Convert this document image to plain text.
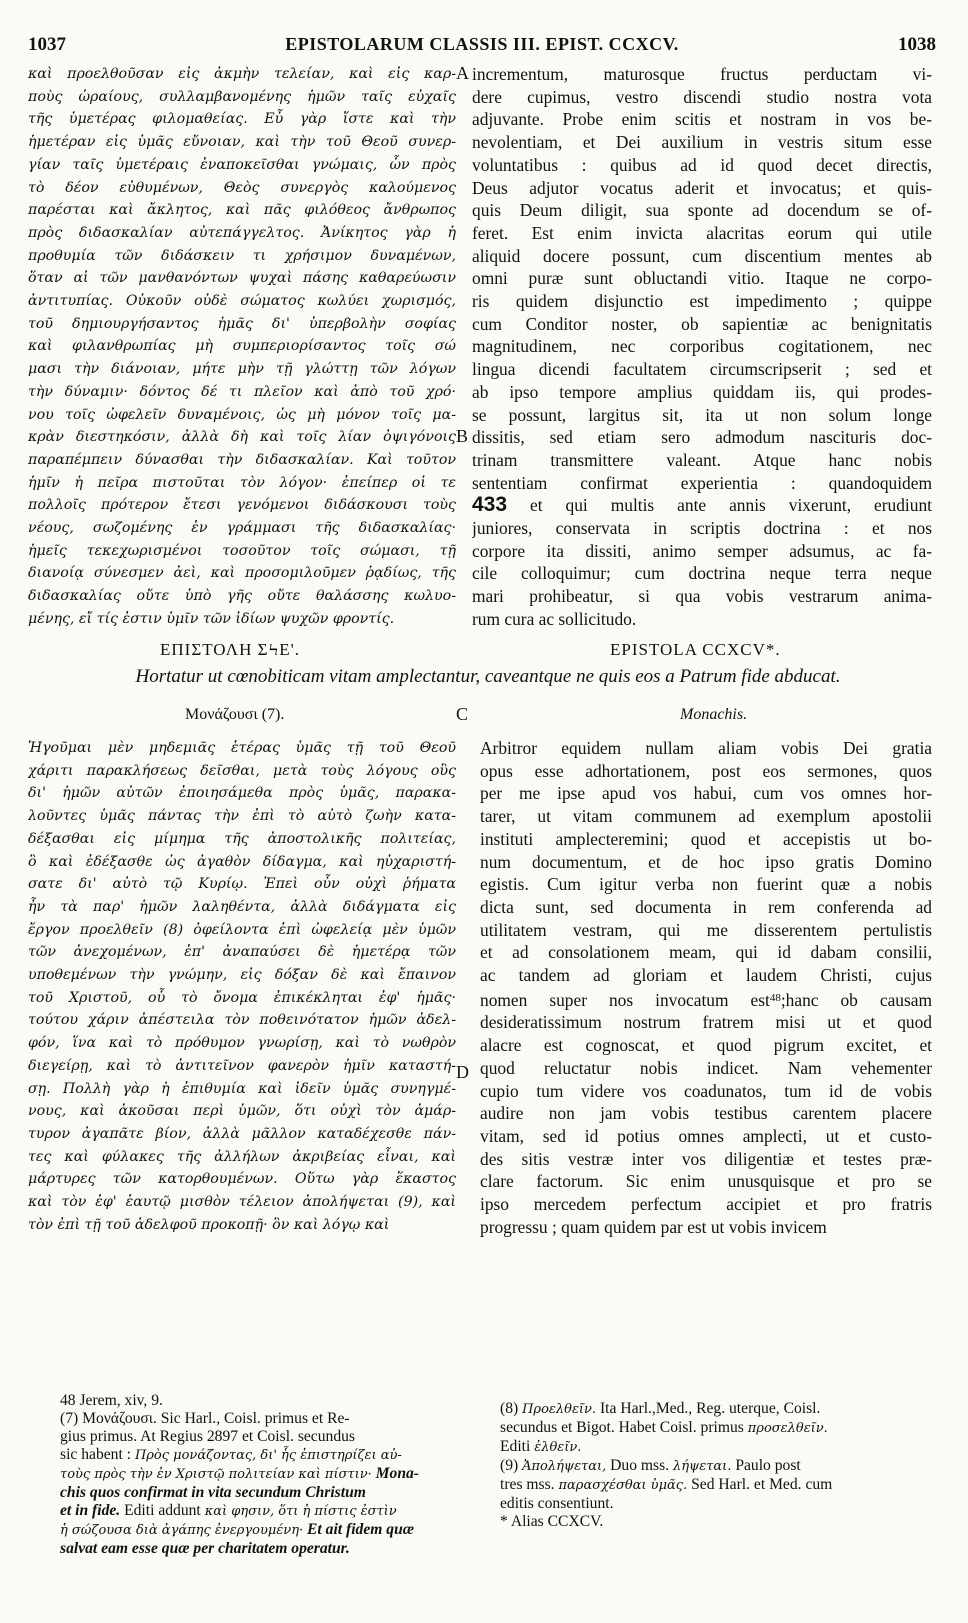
1037	EPISTOLARUM CLASSIS III. EPIST. CCXCV.	1038
A
B
C
D
καὶ προελθοῦσαν εἰς ἀκμὴν τελείαν, καὶ εἰς καρ-
ποὺς ὡραίους, συλλαμβανομένης ἡμῶν ταῖς εὐχαῖς
τῆς ὑμετέρας φιλομαθείας. Εὖ γὰρ ἴστε καὶ τὴν
ἡμετέραν εἰς ὑμᾶς εὔνοιαν, καὶ τὴν τοῦ Θεοῦ συνερ-
γίαν ταῖς ὑμετέραις ἐναποκεῖσθαι γνώμαις, ὧν πρὸς
τὸ δέον εὐθυμένων, Θεὸς συνεργὸς καλούμενος
παρέσται καὶ ἄκλητος, καὶ πᾶς φιλόθεος ἄνθρωπος
πρὸς διδασκαλίαν αὐτεπάγγελτος. Ἀνίκητος γὰρ ἡ
προθυμία τῶν διδάσκειν τι χρήσιμον δυναμένων,
ὅταν αἱ τῶν μανθανόντων ψυχαὶ πάσης καθαρεύωσιν
ἀντιτυπίας. Οὐκοῦν οὐδὲ σώματος κωλύει χωρισμός,
τοῦ δημιουργήσαντος ἡμᾶς δι' ὑπερβολὴν σοφίας
καὶ φιλανθρωπίας μὴ συμπεριορίσαντος τοῖς σώ
μασι τὴν διάνοιαν, μήτε μὴν τῇ γλώττῃ τῶν λόγων
τὴν δύναμιν· δόντος δέ τι πλεῖον καὶ ἀπὸ τοῦ χρό·
νου τοῖς ὠφελεῖν δυναμένοις, ὡς μὴ μόνον τοῖς μα-
κρὰν διεστηκόσιν, ἀλλὰ δὴ καὶ τοῖς λίαν ὀψιγόνοις
παραπέμπειν δύνασθαι τὴν διδασκαλίαν. Καὶ τοῦτον
ἡμῖν ἡ πεῖρα πιστοῦται τὸν λόγον· ἐπείπερ οἱ τε
πολλοῖς πρότερον ἔτεσι γενόμενοι διδάσκουσι τοὺς
νέους, σωζομένης ἐν γράμμασι τῆς διδασκαλίας·
ἡμεῖς τεκεχωρισμένοι τοσοῦτον τοῖς σώμασι, τῇ
διανοίᾳ σύνεσμεν ἀεὶ, καὶ προσομιλοῦμεν ῥᾳδίως, τῆς
διδασκαλίας οὔτε ὑπὸ γῆς οὔτε θαλάσσης κωλυο-
μένης, εἴ τίς ἐστιν ὑμῖν τῶν ἰδίων ψυχῶν φροντίς.
incrementum, maturosque fructus perductam vi-
dere cupimus, vestro discendi studio nostra vota
adjuvante. Probe enim scitis et nostram in vos be-
nevolentiam, et Dei auxilium in vestris situm esse
voluntatibus : quibus ad id quod decet directis,
Deus adjutor vocatus aderit et invocatus; et quis-
quis Deum diligit, sua sponte ad docendum se of-
feret. Est enim invicta alacritas eorum qui utile
aliquid docere possunt, cum discentium mentes ab
omni puræ sunt obluctandi vitio. Itaque ne corpo-
ris quidem disjunctio est impedimento ; quippe
cum Conditor noster, ob sapientiæ ac benignitatis
magnitudinem, nec corporibus cogitationem, nec
lingua dicendi facultatem circumscripserit ; sed et
ab ipso tempore amplius quiddam iis, qui prodes-
se possunt, largitus sit, ita ut non solum longe
dissitis, sed etiam sero admodum nascituris doc-
trinam transmittere valeant. Atque hanc nobis
sententiam confirmat experientia : quandoquidem
433 et qui multis ante annis vixerunt, erudiunt
juniores, conservata in scriptis doctrina : et nos
corpore ita dissiti, animo semper adsumus, ac fa-
cile colloquimur; cum doctrina neque terra neque
mari prohibeatur, si qua vobis vestrarum anima-
rum cura ac sollicitudo.
ΕΠΙΣΤΟΛΗ ΣϞΕ'.	EPISTOLA CCXCV*.
Hortatur ut cœnobiticam vitam amplectantur, caveantque ne quis eos a Patrum fide abducat.
Μονάζουσι (7).	Monachis.
Ἡγοῦμαι μὲν μηδεμιᾶς ἑτέρας ὑμᾶς τῇ τοῦ Θεοῦ
χάριτι παρακλήσεως δεῖσθαι, μετὰ τοὺς λόγους οὓς
δι' ἡμῶν αὐτῶν ἐποιησάμεθα πρὸς ὑμᾶς, παρακα-
λοῦντες ὑμᾶς πάντας τὴν ἐπὶ τὸ αὐτὸ ζωὴν κατα-
δέξασθαι εἰς μίμημα τῆς ἀποστολικῆς πολιτείας,
ὃ καὶ ἐδέξασθε ὡς ἀγαθὸν δίδαγμα, καὶ ηὐχαριστή-
σατε δι' αὐτὸ τῷ Κυρίῳ. Ἐπεὶ οὖν οὐχὶ ῥήματα
ἦν τὰ παρ' ἡμῶν λαληθέντα, ἀλλὰ διδάγματα εἰς
ἔργον προελθεῖν (8) ὀφείλοντα ἐπὶ ὠφελείᾳ μὲν ὑμῶν
τῶν ἀνεχομένων, ἐπ' ἀναπαύσει δὲ ἡμετέρᾳ τῶν
υποθεμένων τὴν γνώμην, εἰς δόξαν δὲ καὶ ἔπαινον
τοῦ Χριστοῦ, οὗ τὸ ὄνομα ἐπικέκληται ἐφ' ἡμᾶς·
τούτου χάριν ἀπέστειλα τὸν ποθεινότατον ἡμῶν ἀδελ-
φόν, ἵνα καὶ τὸ πρόθυμον γνωρίσῃ, καὶ τὸ νωθρὸν
διεγείρῃ, καὶ τὸ ἀντιτεῖνον φανερὸν ἡμῖν καταστή-
σῃ. Πολλὴ γὰρ ἡ ἐπιθυμία καὶ ἰδεῖν ὑμᾶς συνηγμέ-
νους, καὶ ἀκοῦσαι περὶ ὑμῶν, ὅτι οὐχὶ τὸν ἀμάρ-
τυρον ἀγαπᾶτε βίον, ἀλλὰ μᾶλλον καταδέχεσθε πάν-
τες καὶ φύλακες τῆς ἀλλήλων ἀκριβείας εἶναι, καὶ
μάρτυρες τῶν κατορθουμένων. Οὕτω γὰρ ἕκαστος
καὶ τὸν ἐφ' ἑαυτῷ μισθὸν τέλειον ἀπολήψεται (9), καὶ
τὸν ἐπὶ τῇ τοῦ ἀδελφοῦ προκοπῇ· ὃν καὶ λόγῳ καὶ
Arbitror equidem nullam aliam vobis Dei gratia
opus esse adhortationem, post eos sermones, quos
per me ipse apud vos habui, cum vos omnes hor-
tarer, ut vitam communem ad exemplum apostolii
instituti amplecteremini; quod et accepistis ut bo-
num documentum, et de hoc ipso gratis Domino
egistis. Cum igitur verba non fuerint quæ a nobis
dicta sunt, sed documenta in rem conferenda ad
utilitatem vestram, qui me disserentem pertulistis
et ad consolationem meam, qui id dabam consilii,
ac tandem ad gloriam et laudem Christi, cujus
nomen super nos invocatum est$^{48}$;hanc ob causam
desideratissimum nostrum fratrem misi ut et quod
alacre est cognoscat, et quod pigrum excitet, et
quod reluctatur nobis indicet. Nam vehementer
cupio tum videre vos coadunatos, tum id de vobis
audire non jam vobis testibus carentem placere
vitam, sed id potius omnes amplecti, ut et custo-
des sitis vestræ inter vos diligentiæ et testes præ-
clare factorum. Sic enim unusquisque et pro se
ipso mercedem perfectum accipiet et pro fratris
progressu ; quam quidem par est ut vobis invicem
48 Jerem, xiv, 9.
(7) Μονάζουσι. Sic Harl., Coisl. primus et Re-
gius primus. At Regius 2897 et Coisl. secundus
sic habent : Πρὸς μονάζοντας, δι' ἧς ἐπιστηρίζει αὐ-
τοὺς πρὸς τὴν ἐν Χριστῷ πολιτείαν καὶ πίστιν· Mona-
chis quos confirmat in vita secundum Christum
et in fide. Editi addunt καὶ φησιν, ὅτι ἡ πίστις ἐστὶν
ἡ σώζουσα διὰ ἀγάπης ἐνεργουμένη· Et ait fidem quæ
salvat eam esse quæ per charitatem operatur.
(8) Προελθεῖν. Ita Harl.,Med., Reg. uterque, Coisl.
secundus et Bigot. Habet Coisl. primus προσελθεῖν.
Editi ἐλθεῖν.
(9) Ἀπολήψεται, Duo mss. λήψεται. Paulo post
tres mss. παρασχέσθαι ὑμᾶς. Sed Harl. et Med. cum
editis consentiunt.
* Alias CCXCV.
